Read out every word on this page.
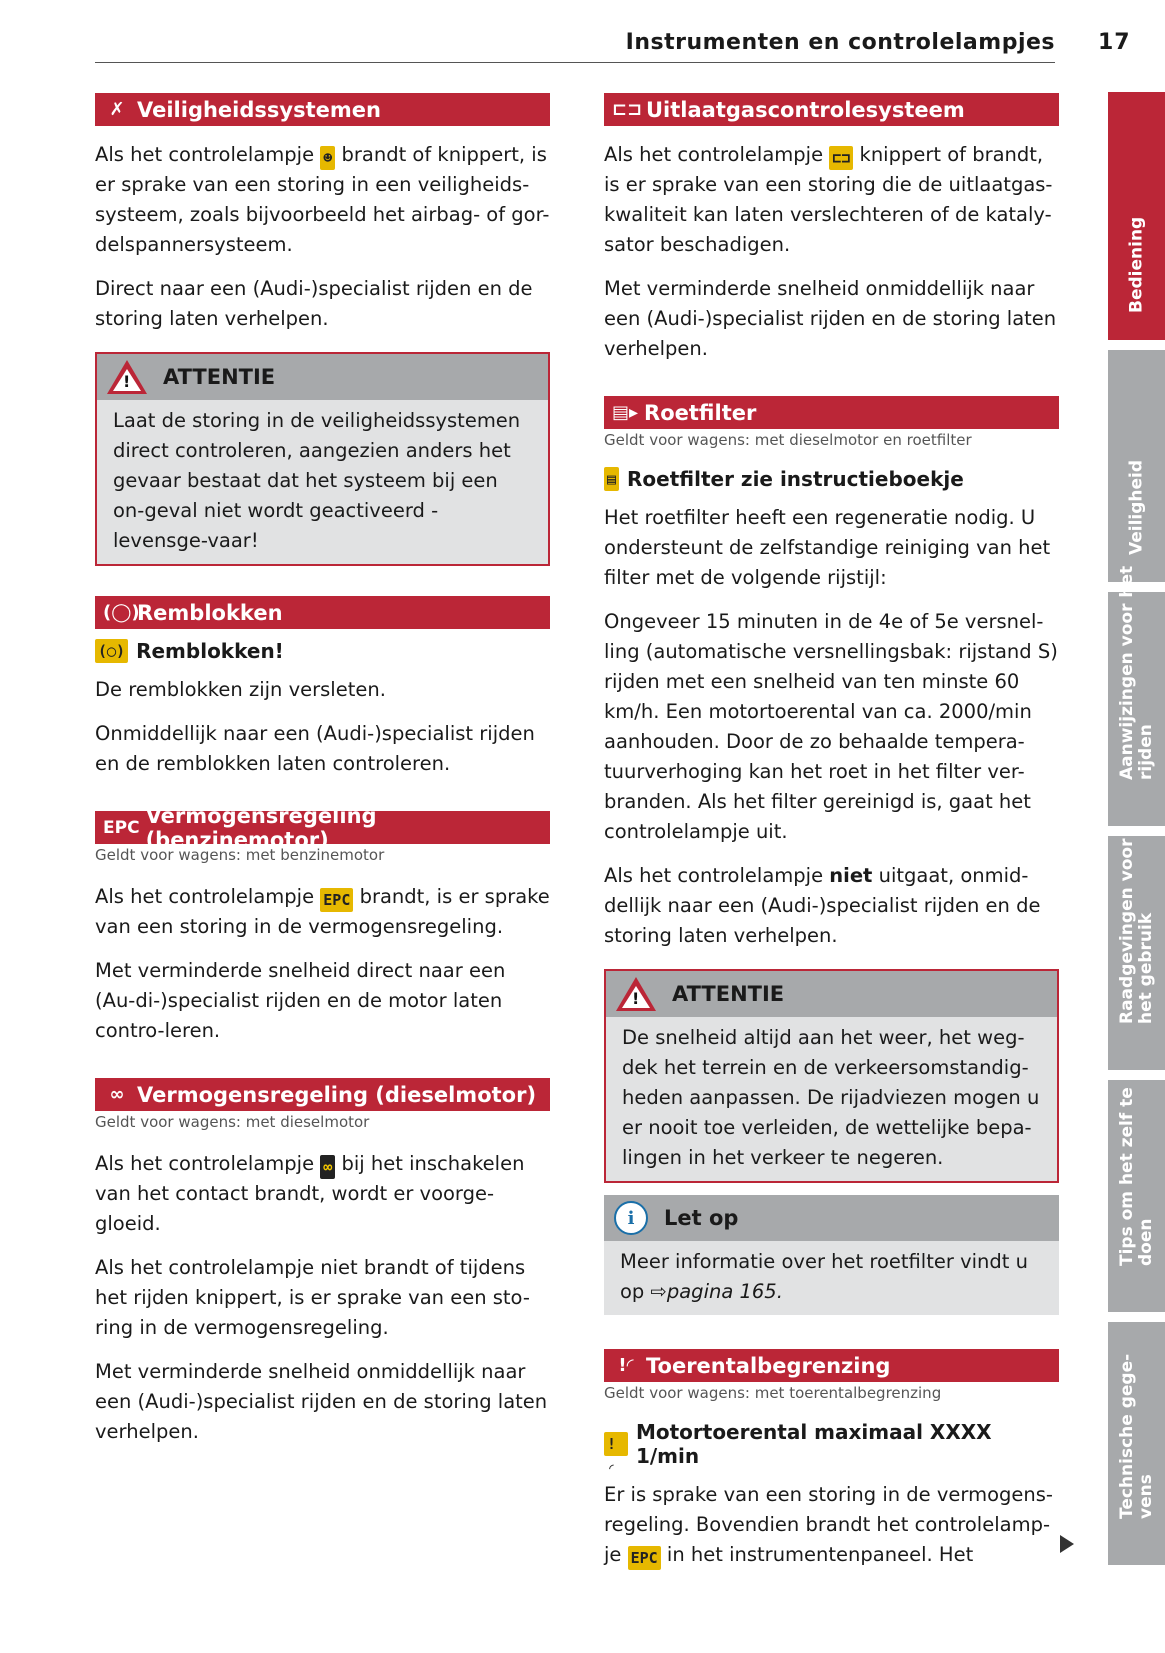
Instrumenten en controlelampjes 17
✗ Veiligheidssystemen

Als het controlelampje ☻ brandt of knippert, is er sprake van een storing in een veiligheids-systeem, zoals bijvoorbeeld het airbag- of gor-delspannersysteem.

Direct naar een (Audi-)specialist rijden en de storing laten verhelpen.

! ATTENTIE

Laat de storing in de veiligheidssystemen direct controleren, aangezien anders het gevaar bestaat dat het systeem bij een on-geval niet wordt geactiveerd - levensge-vaar!

(◯)
Remblokken
(◯) Remblokken!

De remblokken zijn versleten.

Onmiddellijk naar een (Audi-)specialist rijden en de remblokken laten controleren.

EPC Vermogensregeling (benzinemotor)
Geldt voor wagens: met benzinemotor

Als het controlelampje EPC brandt, is er sprake van een storing in de vermogensregeling.

Met verminderde snelheid direct naar een (Au-di-)specialist rijden en de motor laten contro-leren.

∞ Vermogensregeling (dieselmotor)
Geldt voor wagens: met dieselmotor

Als het controlelampje ∞ bij het inschakelen van het contact brandt, wordt er voorge-gloeid.

Als het controlelampje niet brandt of tijdens het rijden knippert, is er sprake van een sto-ring in de vermogensregeling.

Met verminderde snelheid onmiddellijk naar een (Audi-)specialist rijden en de storing laten verhelpen.

⊏⊐ Uitlaatgascontrolesysteem

Als het controlelampje ⊏⊐ knippert of brandt, is er sprake van een storing die de uitlaatgas-kwaliteit kan laten verslechteren of de kataly-sator beschadigen.

Met verminderde snelheid onmiddellijk naar een (Audi-)specialist rijden en de storing laten verhelpen.

▤▸ Roetfilter
Geldt voor wagens: met dieselmotor en roetfilter
▤ Roetfilter zie instructieboekje

Het roetfilter heeft een regeneratie nodig. U ondersteunt de zelfstandige reiniging van het filter met de volgende rijstijl:

Ongeveer 15 minuten in de 4e of 5e versnel-ling (automatische versnellingsbak: rijstand S) rijden met een snelheid van ten minste 60 km/h. Een motortoerental van ca. 2000/min aanhouden. Door de zo behaalde tempera-tuurverhoging kan het roet in het filter ver-branden. Als het filter gereinigd is, gaat het controlelampje uit.

Als het controlelampje niet uitgaat, onmid-dellijk naar een (Audi-)specialist rijden en de storing laten verhelpen.

! ATTENTIE

De snelheid altijd aan het weer, het weg-dek het terrein en de verkeersomstandig-heden aanpassen. De rijadviezen mogen u er nooit toe verleiden, de wettelijke bepa-lingen in het verkeer te negeren.

i	Let op

Meer informatie over het roetfilter vindt u op ⇨pagina 165.

!◜ Toerentalbegrenzing
Geldt voor wagens: met toerentalbegrenzing
!◜
Motortoerental maximaal XXXX 1/min

Er is sprake van een storing in de vermogens-regeling. Bovendien brandt het controlelamp-je EPC in het instrumentenpaneel. Het

Bediening
Veiligheid
Aanwijzingen voor het rijden
Raadgevingen voor het gebruik
Tips om het zelf te doen
Technische gege-vens
